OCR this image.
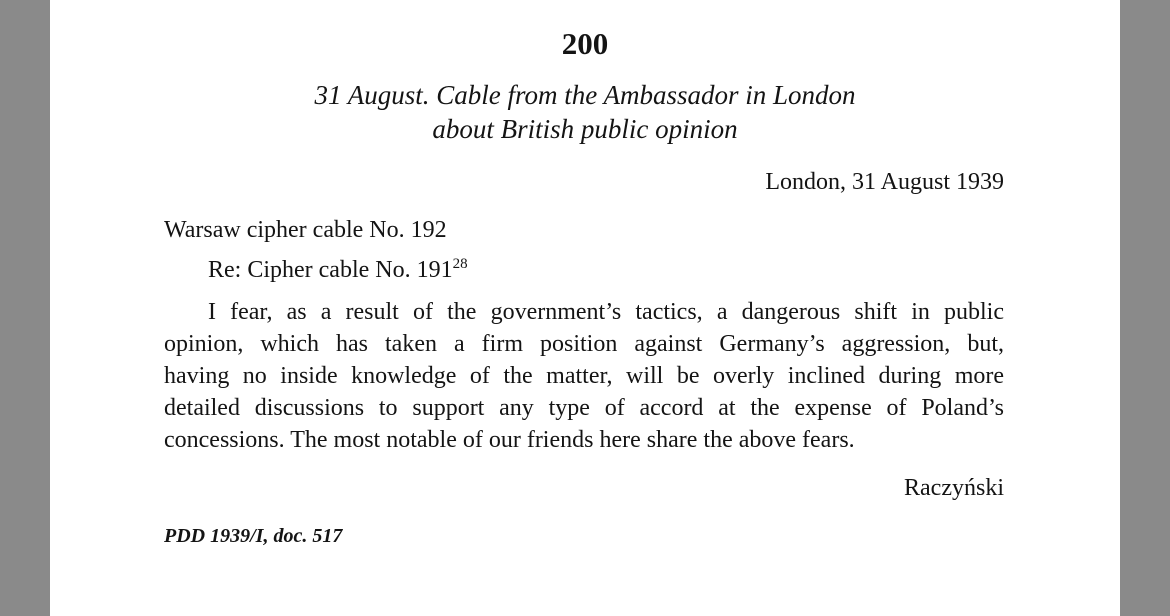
200
31 August. Cable from the Ambassador in London
about British public opinion
London, 31 August 1939
Warsaw cipher cable No. 192
Re: Cipher cable No. $191^{28}$
I fear, as a result of the government’s tactics, a dangerous shift in public
opinion, which has taken a firm position against Germany’s aggression, but,
having no inside knowledge of the matter, will be overly inclined during more
detailed discussions to support any type of accord at the expense of Poland’s
concessions. The most notable of our friends here share the above fears.
Raczyński
PDD 1939/I, doc. 517
